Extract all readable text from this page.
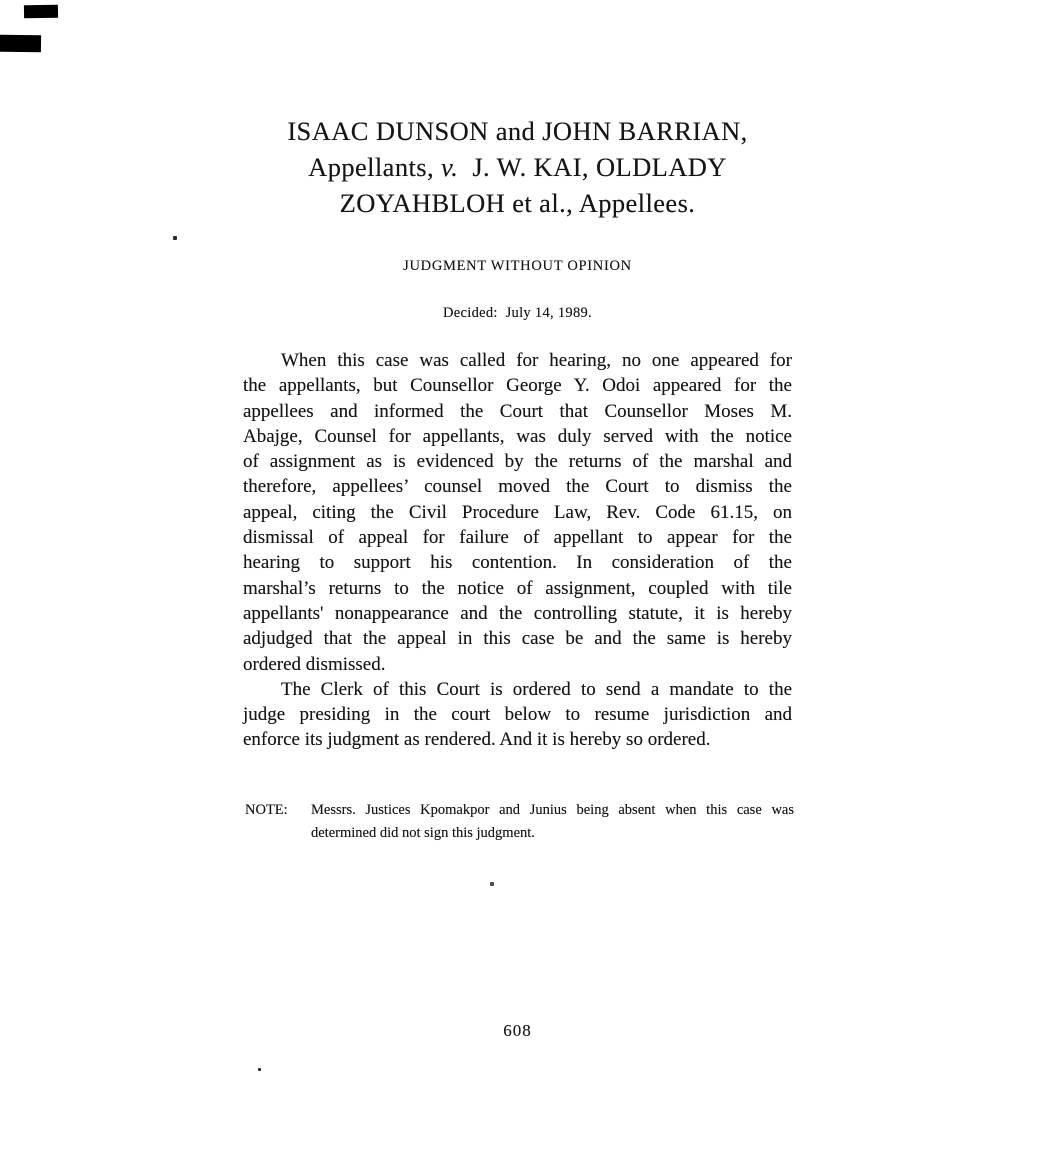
ISAAC DUNSON and JOHN BARRIAN,
Appellants, v.  J. W. KAI, OLDLADY
ZOYAHBLOH et al., Appellees.
JUDGMENT WITHOUT OPINION
Decided:  July 14, 1989.
When this case was called for hearing, no one appeared for
the appellants, but Counsellor George Y. Odoi appeared for the
appellees and informed the Court that Counsellor Moses M.
Abajge, Counsel for appellants, was duly served with the notice
of assignment as is evidenced by the returns of the marshal and
therefore, appellees’ counsel moved the Court to dismiss the
appeal, citing the Civil Procedure Law, Rev. Code 61.15, on
dismissal of appeal for failure of appellant to appear for the
hearing to support his contention. In consideration of the
marshal’s returns to the notice of assignment, coupled with tile
appellants' nonappearance and the controlling statute, it is hereby
adjudged that the appeal in this case be and the same is hereby
ordered dismissed.
The Clerk of this Court is ordered to send a mandate to the
judge presiding in the court below to resume jurisdiction and
enforce its judgment as rendered. And it is hereby so ordered.
NOTE:	Messrs. Justices Kpomakpor and Junius being absent when this case was
determined did not sign this judgment.
608
